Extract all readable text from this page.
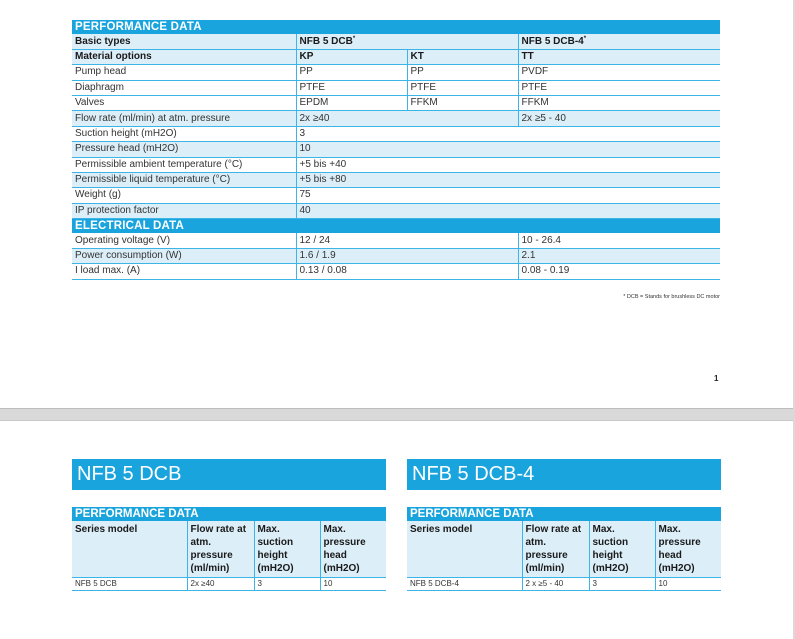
PERFORMANCE DATA			
Basic types	NFB 5 DCB*		NFB 5 DCB-4*
Material options	KP	KT	TT
Pump head	PP	PP	PVDF
Diaphragm	PTFE	PTFE	PTFE
Valves	EPDM	FFKM	FFKM
Flow rate (ml/min) at atm. pressure	2x ≥40		2x ≥5 - 40
Suction height (mH2O)	3		
Pressure head (mH2O)	10		
Permissible ambient temperature (°C)	+5 bis +40		
Permissible liquid temperature (°C)	+5 bis +80		
Weight (g)	75		
IP protection factor	40		
ELECTRICAL DATA			
Operating voltage (V)	12 / 24		10 - 26.4
Power consumption (W)	1.6 / 1.9		2.1
I load max. (A)	0.13 / 0.08		0.08 - 0.19
* DCB = Stands for brushless DC motor
1
NFB 5 DCB	NFB 5 DCB-4
PERFORMANCE DATA			
Series model	Flow rate at atm. pressure (ml/min)	Max. suction height (mH2O)	Max. pressure head (mH2O)
NFB 5 DCB	2x ≥40	3	10
PERFORMANCE DATA			
Series model	Flow rate at atm. pressure (ml/min)	Max. suction height (mH2O)	Max. pressure head (mH2O)
NFB 5 DCB-4	2 x ≥5 - 40	3	10
